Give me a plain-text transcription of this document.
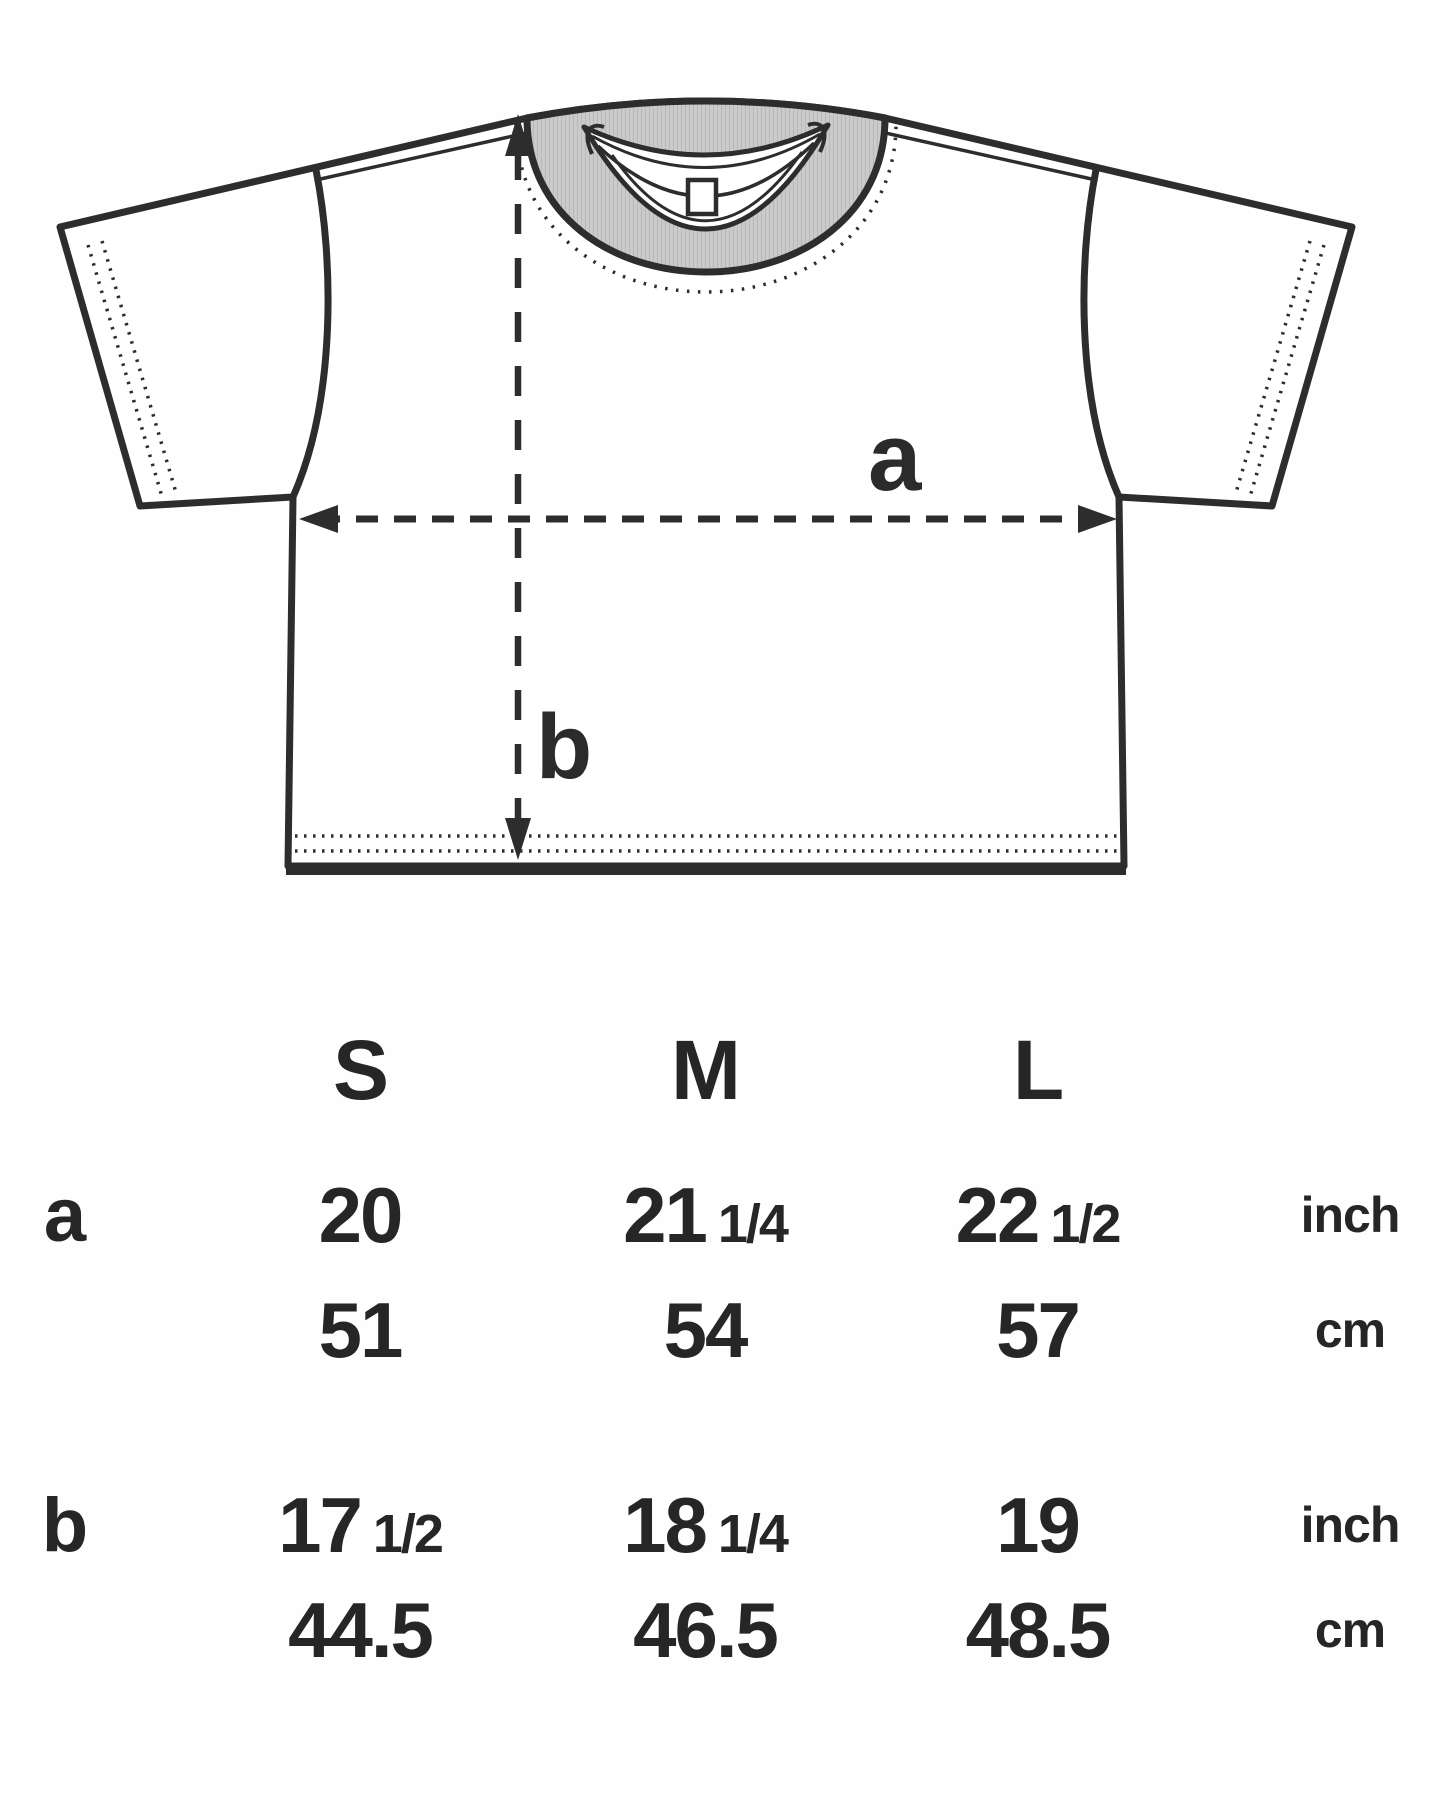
a
b
S	M	L
a	20	21 1/4	22 1/2	inch
51	54	57	cm
b	17 1/2	18 1/4	19	inch
44.5	46.5	48.5	cm
